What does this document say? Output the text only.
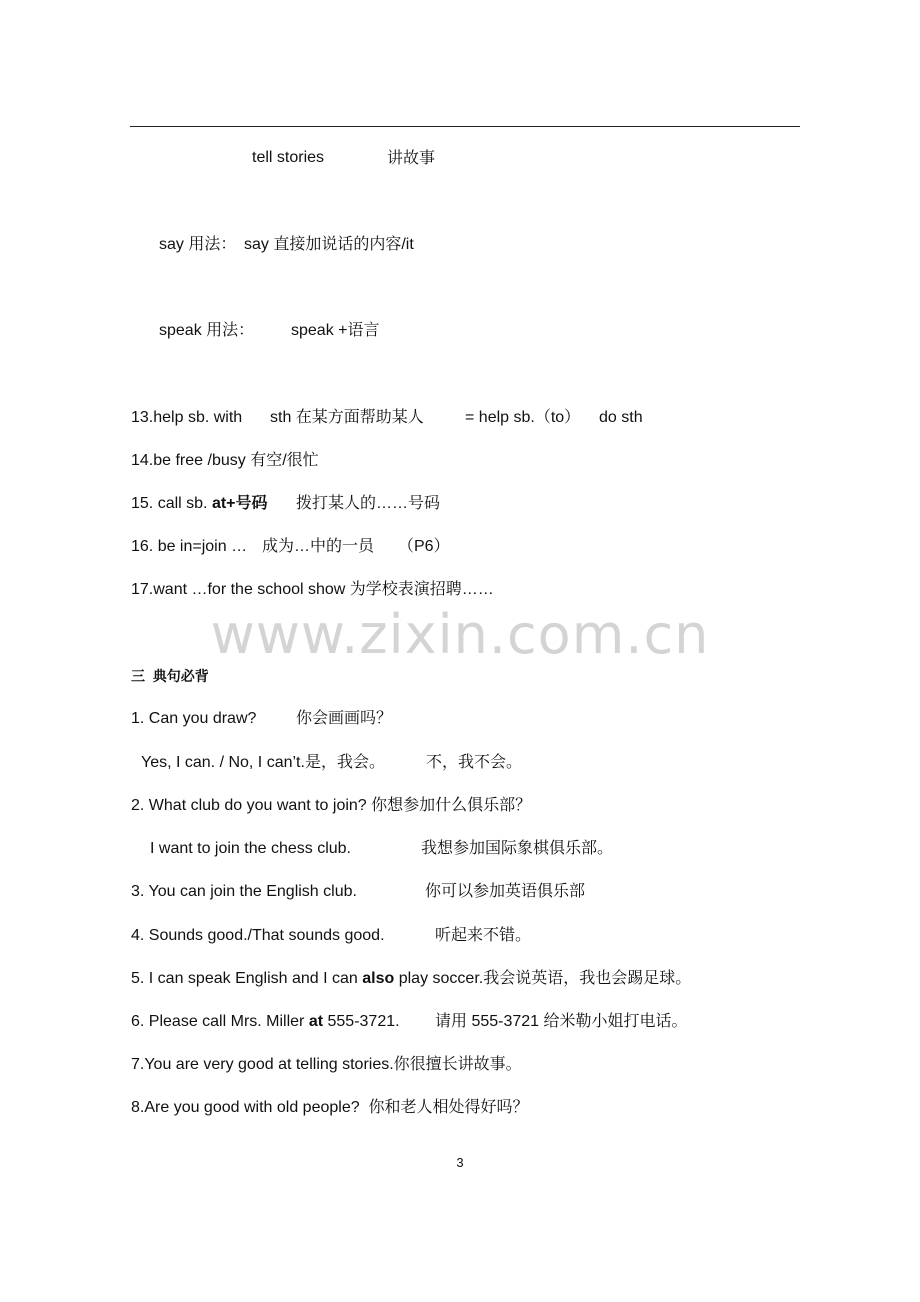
tell stories	讲故事
say 用法： say 直接加说话的内容/it
speak 用法： speak +语言
13.help sb. with sth 在某方面帮助某人	= help sb.（to） do sth
14.be free /busy 有空/很忙
15. call sb. at+号码 拨打某人的……号码
16. be in=join … 成为…中的一员 （P6）
17.want …for the school show 为学校表演招聘……
www.zixin.com.cn
三  典句必背
1. Can you draw? 你会画画吗？
Yes, I can. / No, I can’t.是，我会。	不，我不会。
2. What club do you want to join? 你想参加什么俱乐部？
I want to join the chess club.	我想参加国际象棋俱乐部。
3. You can join the English club.	你可以参加英语俱乐部
4. Sounds good./That sounds good.	听起来不错。
5. I can speak English and I can also play soccer.我会说英语，我也会踢足球。
6. Please call Mrs. Miller at 555-3721. 请用 555-3721 给米勒小姐打电话。
7.You are very good at telling stories.你很擅长讲故事。
8.Are you good with old people?  你和老人相处得好吗？
3
